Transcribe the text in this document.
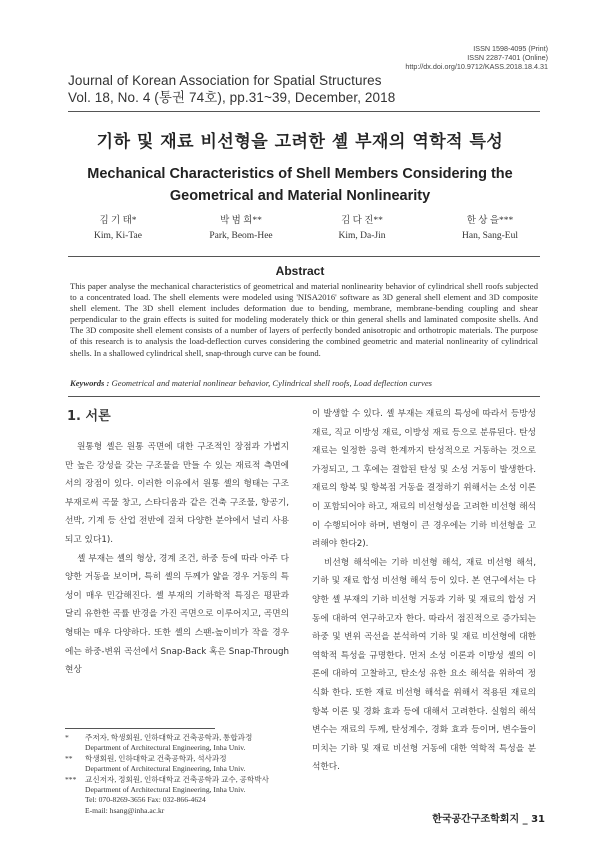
ISSN 1598-4095 (Print)
ISSN 2287-7401 (Online)
http://dx.doi.org/10.9712/KASS.2018.18.4.31
Journal of Korean Association for Spatial Structures
Vol. 18, No. 4 (통권 74호), pp.31~39, December, 2018
기하 및 재료 비선형을 고려한 셸 부재의 역학적 특성
Mechanical Characteristics of Shell Members Considering the
Geometrical and Material Nonlinearity
김 기 태*
Kim, Ki-Tae
박 범 희**
Park, Beom-Hee
김 다 진**
Kim, Da-Jin
한 상 을***
Han, Sang-Eul
Abstract
This paper analyse the mechanical characteristics of geometrical and material nonlinearity behavior of cylindrical shell roofs subjected to a concentrated load. The shell elements were modeled using 'NISA2016' software as 3D general shell element and 3D composite shell element. The 3D shell element includes deformation due to bending, membrane, membrane-bending coupling and shear perpendicular to the grain effects is suited for modeling moderately thick or thin general shells and laminated composite shells. And The 3D composite shell element consists of a number of layers of perfectly bonded anisotropic and orthotropic materials. The purpose of this research is to analysis the load-deflection curves considering the combined geometric and material nonlinearity of cylindrical shells. In a shallowed cylindrical shell, snap-through curve can be found.
Keywords : Geometrical and material nonlinear behavior, Cylindrical shell roofs, Load deflection curves
1. 서론

원통형 셸은 원통 곡면에 대한 구조적인 장점과 가볍지만 높은 강성을 갖는 구조물을 만들 수 있는 재료적 측면에서의 장점이 있다. 이러한 이유에서 원통 셸의 형태는 구조 부재로써 곡물 창고, 스타디움과 같은 건축 구조물, 항공기, 선박, 기계 등 산업 전반에 걸쳐 다양한 분야에서 널리 사용되고 있다1).

셸 부재는 셸의 형상, 경계 조건, 하중 등에 따라 아주 다양한 거동을 보이며, 특히 셸의 두께가 얇을 경우 거동의 특성이 매우 민감해진다. 셸 부재의 기하학적 특징은 평판과 달리 유한한 곡률 반경을 가진 곡면으로 이루어지고, 곡면의 형태는 매우 다양하다. 또한 셸의 스팬-높이비가 작을 경우에는 하중-변위 곡선에서 Snap-Back 혹은 Snap-Through 현상

이 발생할 수 있다. 셸 부재는 재료의 특성에 따라서 등방성 재료, 직교 이방성 재료, 이방성 재료 등으로 분류된다. 탄성 재료는 일정한 응력 한계까지 탄성적으로 거동하는 것으로 가정되고, 그 후에는 결합된 탄성 및 소성 거동이 발생한다. 재료의 항복 및 항복점 거동을 결정하기 위해서는 소성 이론이 포함되어야 하고, 재료의 비선형성을 고려한 비선형 해석이 수행되어야 하며, 변형이 큰 경우에는 기하 비선형을 고려해야 한다2).

비선형 해석에는 기하 비선형 해석, 재료 비선형 해석, 기하 및 재료 합성 비선형 해석 등이 있다. 본 연구에서는 다양한 셸 부재의 기하 비선형 거동과 기하 및 재료의 합성 거동에 대하여 연구하고자 한다. 따라서 점진적으로 증가되는 하중 및 변위 곡선을 분석하여 기하 및 재료 비선형에 대한 역학적 특성을 규명한다. 먼저 소성 이론과 이방성 셸의 이론에 대하여 고찰하고, 탄소성 유한 요소 해석을 위하여 정식화 한다. 또한 재료 비선형 해석을 위해서 적용된 재료의 항복 이론 및 경화 효과 등에 대해서 고려한다. 실험의 해석 변수는 재료의 두께, 탄성계수, 경화 효과 등이며, 변수들이 미치는 기하 및 재료 비선형 거동에 대한 역학적 특성을 분석한다.

* 주저자, 학생회원, 인하대학교 건축공학과, 통합과정
Department of Architectural Engineering, Inha Univ.
** 학생회원, 인하대학교 건축공학과, 석사과정
Department of Architectural Engineering, Inha Univ.
*** 교신저자, 정회원, 인하대학교 건축공학과 교수, 공학박사
Department of Architectural Engineering, Inha Univ.
Tel: 070-8269-3656 Fax: 032-866-4624
E-mail: hsang@inha.ac.kr
한국공간구조학회지 _ 31
